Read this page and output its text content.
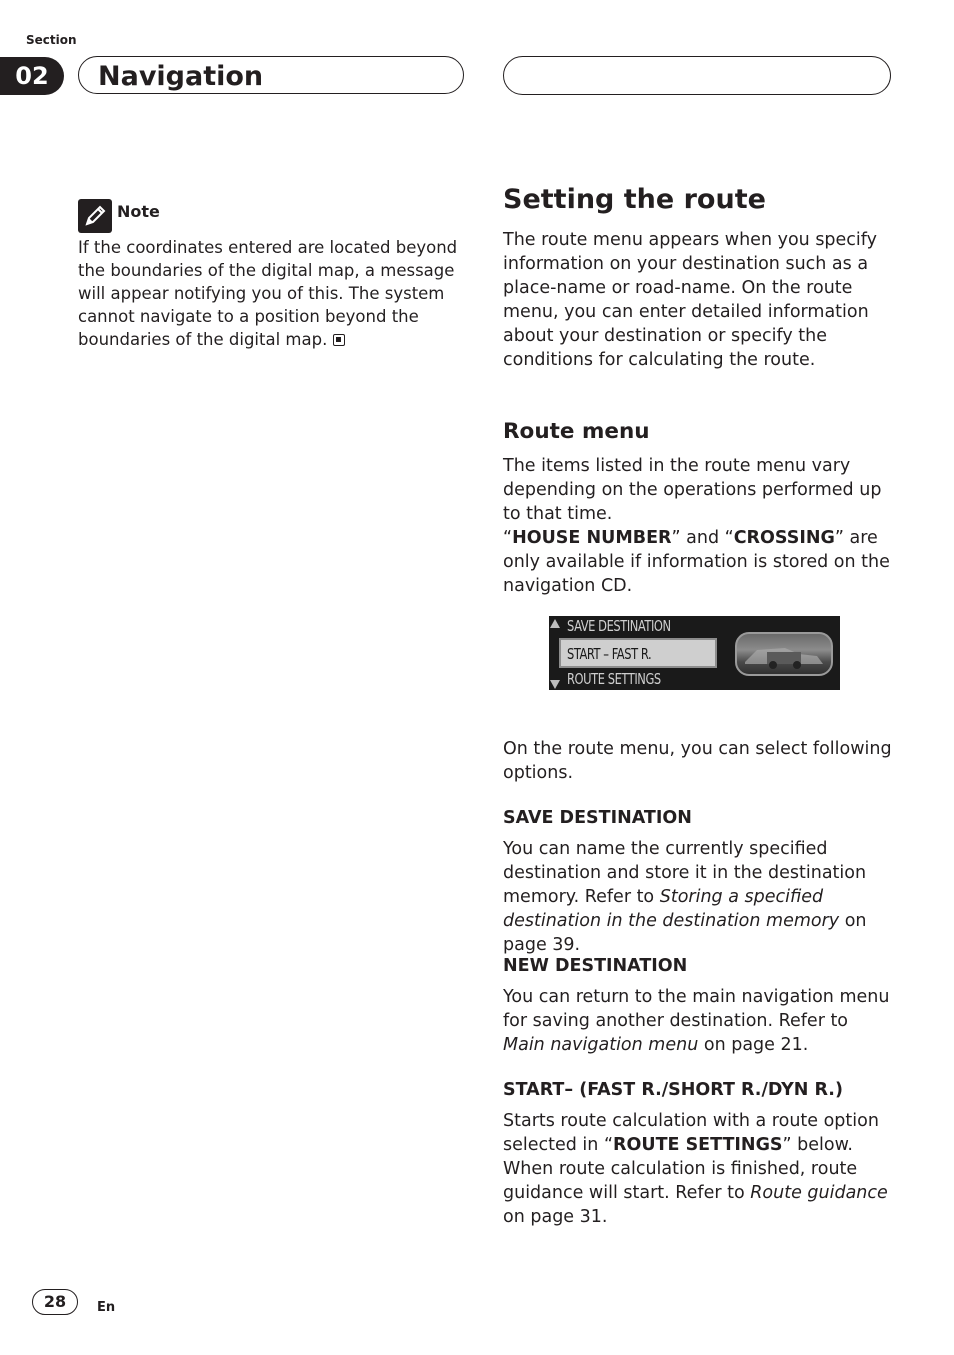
Section
02	Navigation
Note
If the coordinates entered are located beyond the boundaries of the digital map, a message will appear notifying you of this. The system cannot navigate to a position beyond the boundaries of the digital map.
Setting the route
The route menu appears when you specify information on your destination such as a place-name or road-name. On the route menu, you can enter detailed information about your destination or specify the conditions for calculating the route.
Route menu
The items listed in the route menu vary depending on the operations performed up to that time.
“HOUSE NUMBER” and “CROSSING” are only available if information is stored on the navigation CD.
SAVE DESTINATION
START – FAST R.
ROUTE SETTINGS
On the route menu, you can select following options.
SAVE DESTINATION
You can name the currently specified destination and store it in the destination memory. Refer to Storing a specified destination in the destination memory on page 39.
NEW DESTINATION
You can return to the main navigation menu for saving another destination. Refer to Main navigation menu on page 21.
START– (FAST R./SHORT R./DYN R.)
Starts route calculation with a route option selected in “ROUTE SETTINGS” below. When route calculation is finished, route guidance will start. Refer to Route guidance on page 31.
28	En
